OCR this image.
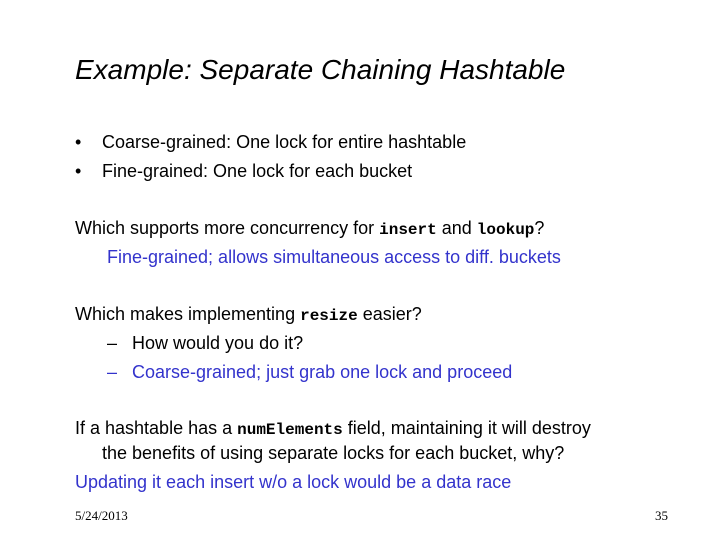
Example: Separate Chaining Hashtable
• Coarse-grained: One lock for entire hashtable
• Fine-grained: One lock for each bucket
Which supports more concurrency for insert and lookup?
Fine-grained; allows simultaneous access to diff. buckets
Which makes implementing resize easier?
– How would you do it?
– Coarse-grained; just grab one lock and proceed
If a hashtable has a numElements field, maintaining it will destroy
the benefits of using separate locks for each bucket, why?
Updating it each insert w/o a lock would be a data race
5/24/2013	35
